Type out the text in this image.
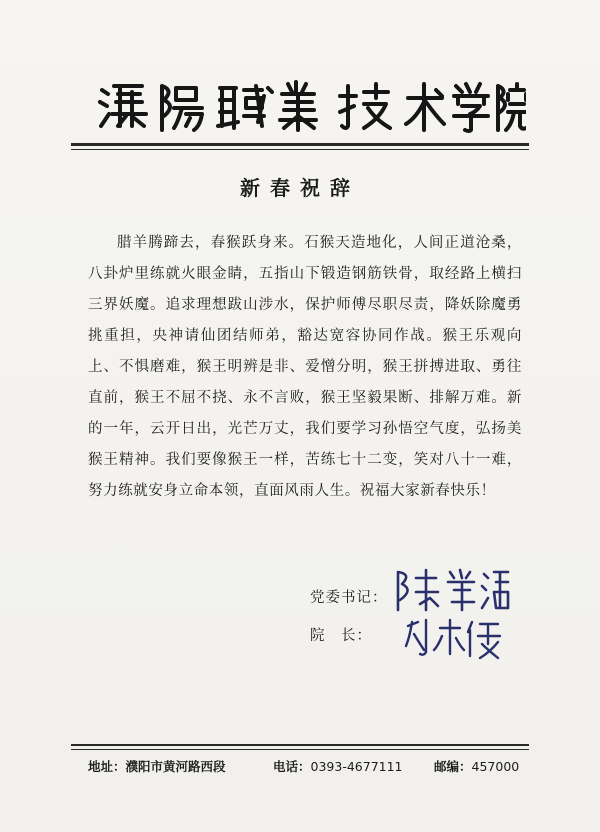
新春祝辞
腊羊腾蹄去，春猴跃身来。石猴天造地化，人间正道沧桑，八卦炉里练就火眼金睛，五指山下锻造钢筋铁骨，取经路上横扫三界妖魔。追求理想跋山涉水，保护师傅尽职尽责，降妖除魔勇挑重担，央神请仙团结师弟，豁达宽容协同作战。猴王乐观向上、不惧磨难，猴王明辨是非、爱憎分明，猴王拼搏进取、勇往直前，猴王不屈不挠、永不言败，猴王坚毅果断、排解万难。新的一年，云开日出，光芒万丈，我们要学习孙悟空气度，弘扬美猴王精神。我们要像猴王一样，苦练七十二变，笑对八十一难，努力练就安身立命本领，直面风雨人生。祝福大家新春快乐！
党委书记：
院　长：
地址：濮阳市黄河路西段	电话：0393-4677111	邮编：457000
